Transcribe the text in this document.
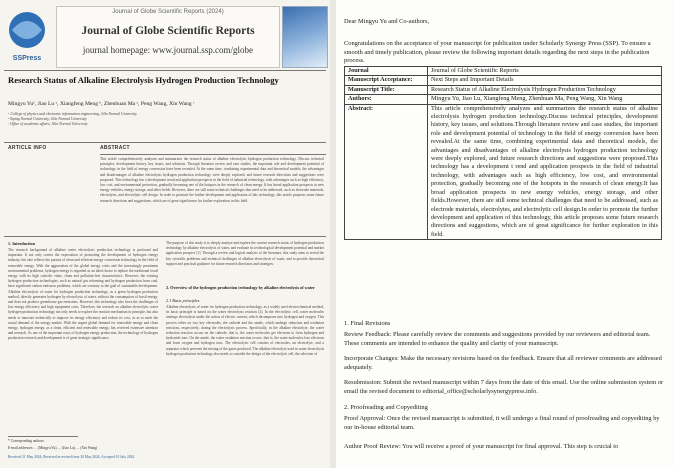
SSPress
Journal of Globe Scientific Reports (2024)
Journal of Globe Scientific Reports
journal homepage: www.journal.ssp.com/globe
Research Status of Alkaline Electrolysis Hydrogen Production Technology
Mingyu Yu¹, Jiao Lu ᵃ, Xiangfeng Meng ᵇ, Zhenhuan Ma ᵃ, Peng Wang, Xin Wang ᶜ
ᵃ College of physics and electronic information engineering, Jilin Normal University
ᵇ Siping Normal University, Jilin Normal University
ᶜ Office of academic affairs, Jilin Normal University
ARTICLE INFO	ABSTRACT
This article comprehensively analyzes and summarizes the research status of alkaline electrolysis hydrogen production technology. Discuss technical principles, development history, key issues, and solutions. Through literature review and case studies, the important role and development potential of technology in the field of energy conversion have been revealed. At the same time, combining experimental data and theoretical models, the advantages and disadvantages of alkaline electrolysis hydrogen production technology were deeply explored, and future research directions and suggestions were proposed. This technology has a development trend and application prospects in the field of industrial technology, with advantages such as high efficiency, low cost, and environmental protection, gradually becoming one of the hotspots in the research of clean energy. It has broad application prospects in new energy vehicles, energy storage, and other fields. However, there are still some technical challenges that need to be addressed, such as electrode materials, electrolytes, and electrolytic cell design. In order to promote the further development and application of this technology, this article proposes some future research directions and suggestions, which are of great significance for further exploration in this field.
1. Introduction
The research background of alkaline water electrolysis production technology is profound and important. It not only carries the expectation of promoting the development of hydrogen energy industry, but also reflects the pursuit of clean and efficient energy conversion technology in the field of renewable energy. With the aggravation of the global energy crisis and the increasingly prominent environmental problems, hydrogen energy is regarded as an ideal choice to replace the traditional fossil energy with its high calorific value, clean and pollution-free characteristics. However, the existing hydrogen production technologies, such as natural gas reforming and hydrogen production from coal, have significant carbon emission problems, which are contrary to the goal of sustainable development. Alkaline electrolysis of water for hydrogen production technology, as a green hydrogen production method, directly generates hydrogen by electrolysis of water, without the consumption of fossil energy, and does not produce greenhouse gas emissions. However, this technology also faces the challenges of low energy efficiency and high equipment costs. Therefore, the research on alkaline electrolytic water hydrogen production technology not only needs to explore the reaction mechanism in principle, but also needs to innovate technically to improve its energy efficiency and reduce its cost, so as to meet the actual demand of the energy market. With the urgent global demand for renewable energy and clean energy, hydrogen energy, as a clean, efficient and renewable energy, has received extensive attention and research. As one of the important ways of hydrogen energy production, the technology of hydrogen production research and development is of great strategic significance.
The purpose of this study is to deeply analyze and explore the current research status of hydrogen production technology by alkaline electrolysis of water, and evaluate its technological development potential and market application prospect [1]. Through a review and logical analysis of the literature, this study aims to reveal the key scientific problems and technical challenges of alkaline electrolysis of water, and to provide theoretical support and practical guidance for future research directions and strategies.
2. Overview of the hydrogen production technology by alkaline electrolysis of water
2.1 Basic principles
Alkaline electrolysis of water for hydrogen production technology, as a widely used electrochemical method, its basic principle is based on the water electrolysis reaction [2]. In the electrolytic cell, water molecules undergo electrolysis under the action of electric current, which decomposes into hydrogen and oxygen. This process relies on two key electrodes, the cathode and the anode, which undergo reduction and oxidation reactions, respectively, during the electrolysis process. Specifically, in the alkaline electrolyte, the water reduction reaction occurs on the cathode, that is, the water molecules get electrons to form hydrogen and hydroxide ions. On the anode, the water oxidation reaction occurs, that is, the water molecules lose electrons and form oxygen and hydrogen ions. The electrolytic cell consists of electrodes, an electrolyte, and a separator which prevents the mixing of the gases produced. The alkaline electrolyte used in water electrolysis hydrogen production technology also needs to consider the design of the electrolytic cell, the selection of
* Corresponding authors:
E-mail addresses: ... (Mingyu Yu), ... (Jiao Lu), ... (Xin Wang)
Received 11 May 2024; Received in revised form 20 May 2024; Accepted 10 July 2024
Dear Mingyu Yu and Co-authors,
Congratulations on the acceptance of your manuscript for publication under Scholarly Synergy Press (SSP). To ensure a smooth and timely publication, please review the following important details regarding the next steps in the publication process.
Journal	Journal of Globe Scientific Reports
Manuscript Acceptance:	Next Steps and Important Details
Manuscript Title:	Research Status of Alkaline Electrolysis Hydrogen Production Technology
Authors:	Mingyu Yu, Jiao Lu, Xiangfeng Meng, Zhenhuan Ma, Peng Wang, Xin Wang
Abstract:	This article comprehensively analyzes and summarizes the research status of alkaline electrolysis hydrogen production technology.Discuss technical principles, development history, key issues, and solutions.Through literature review and case studies, the important role and development potential of technology in the field of energy conversion have been revealed.At the same time, combining experimental data and theoretical models, the advantages and disadvantages of alkaline electrolysis hydrogen production technology were deeply explored, and future research directions and suggestions were proposed.This technology has a development t rend and application prospects in the field of industrial technology, with advantages such as high efficiency, low cost, and environmental protection, gradually becoming one of the hotspots in the research of clean energy.It has broad application prospects in new energy vehicles, energy storage, and other fields.However, there are still some technical challenges that need to be addressed, such as electrode materials, electrolytes, and electrolytic cell design.In order to promote the further development and application of this technology, this article proposes some future research directions and suggestions, which are of great significance for further exploration in this field.
1. Final Revisions
Review Feedback: Please carefully review the comments and suggestions provided by our reviewers and editorial team. These comments are intended to enhance the quality and clarity of your manuscript.
Incorporate Changes: Make the necessary revisions based on the feedback. Ensure that all reviewer comments are addressed adequately.
Resubmission: Submit the revised manuscript within 7 days from the date of this email. Use the online submission system or email the revised document to editorial_office@scholarlysynergypress.info.
2. Proofreading and Copyediting
Proof Approval: Once the revised manuscript is submitted, it will undergo a final round of proofreading and copyediting by our in-house editorial team.
Author Proof Review: You will receive a proof of your manuscript for final approval. This step is crucial to
